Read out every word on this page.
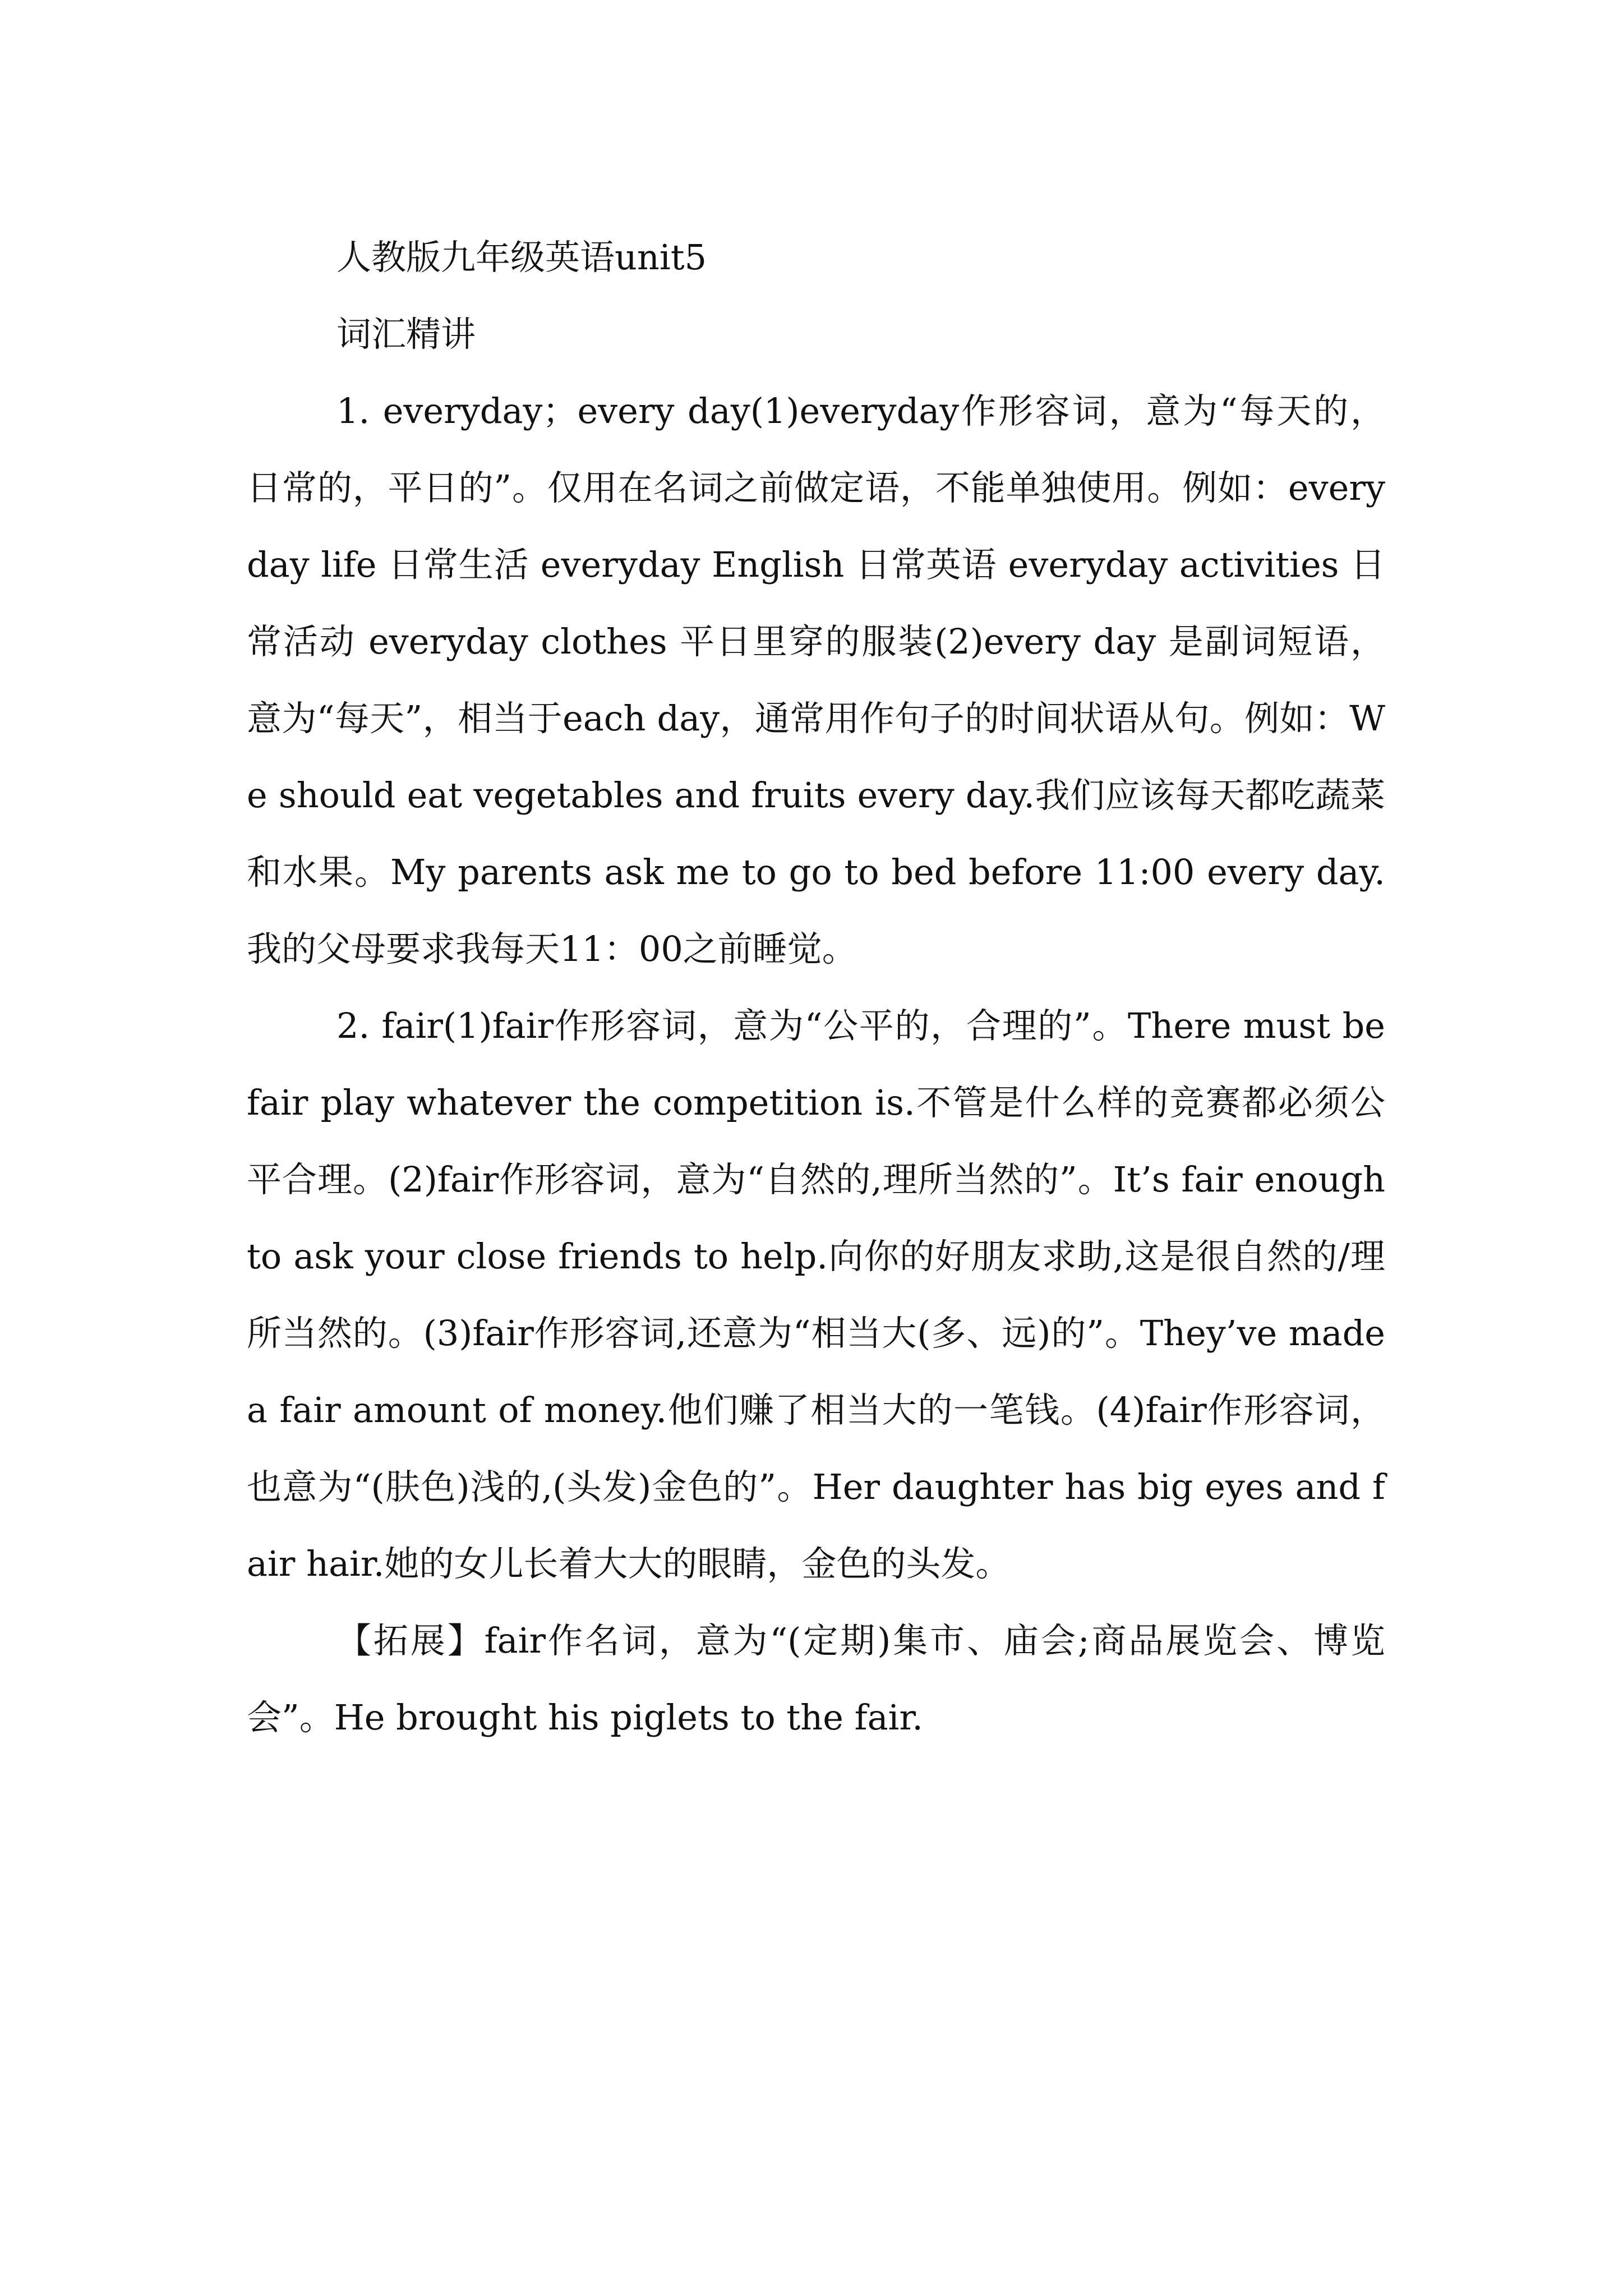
人教版九年级英语unit5

词汇精讲

1. everyday；every day(1)everyday作形容词，意为“每天的，日常的，平日的”。仅用在名词之前做定语，不能单独使用。例如：everyday life 日常生活 everyday English 日常英语 everyday activities 日常活动 everyday clothes 平日里穿的服装(2)every day 是副词短语，意为“每天”，相当于each day，通常用作句子的时间状语从句。例如：We should eat vegetables and fruits every day.我们应该每天都吃蔬菜和水果。My parents ask me to go to bed before 11:00 every day.我的父母要求我每天11：00之前睡觉。

2. fair(1)fair作形容词，意为“公平的，合理的”。There must be fair play whatever the competition is.不管是什么样的竞赛都必须公平合理。(2)fair作形容词，意为“自然的,理所当然的”。It’s fair enough to ask your close friends to help.向你的好朋友求助,这是很自然的/理所当然的。(3)fair作形容词,还意为“相当大(多、远)的”。They’ve made a fair amount of money.他们赚了相当大的一笔钱。(4)fair作形容词，也意为“(肤色)浅的,(头发)金色的”。Her daughter has big eyes and fair hair.她的女儿长着大大的眼睛，金色的头发。

【拓展】fair作名词，意为“(定期)集市、庙会;商品展览会、博览会”。He brought his piglets to the fair.
